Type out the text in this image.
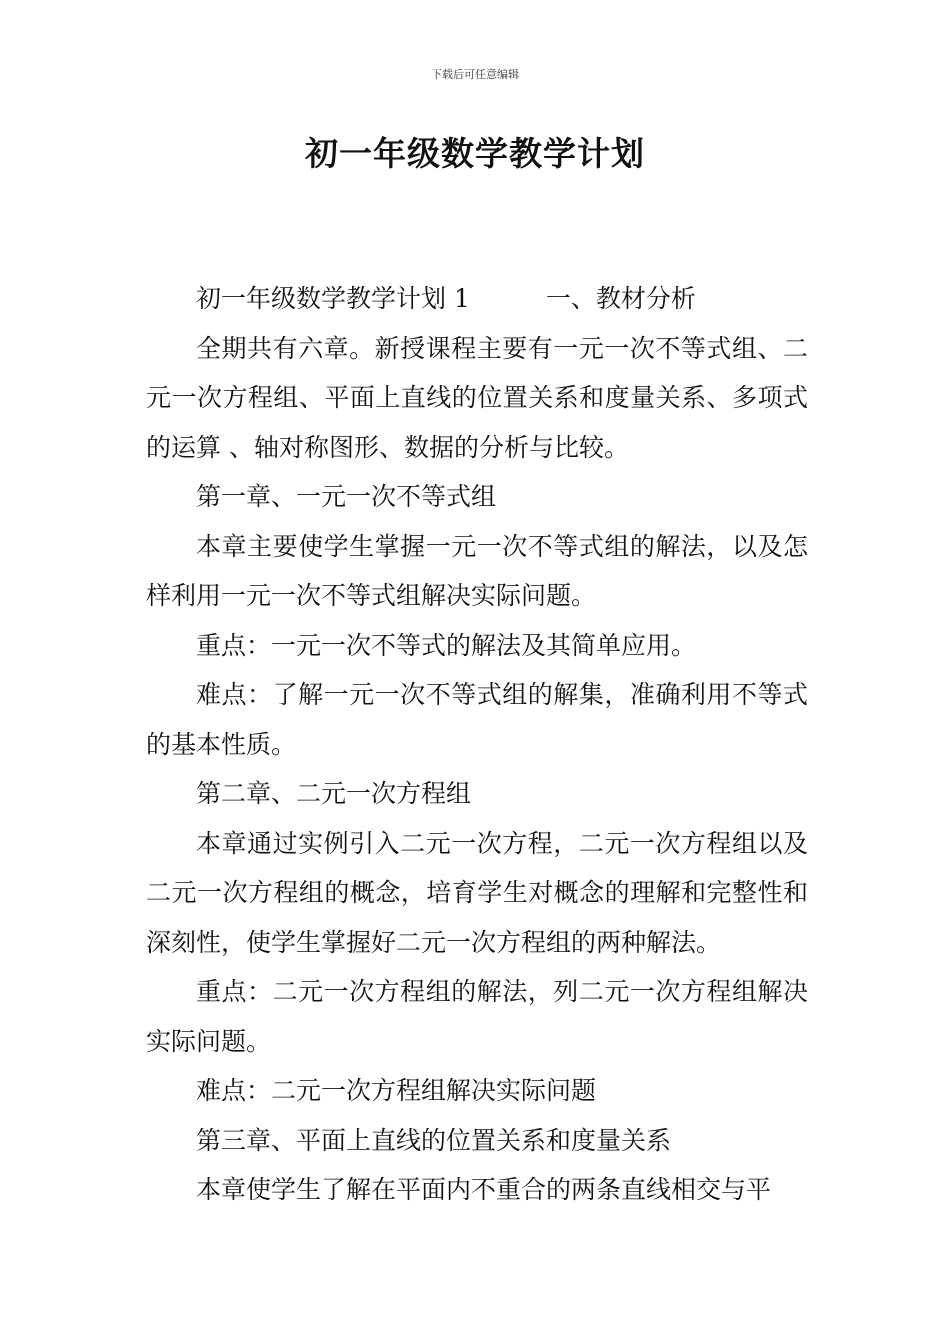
下载后可任意编辑
初一年级数学教学计划

初一年级数学教学计划 1	一、教材分析

全期共有六章。新授课程主要有一元一次不等式组、二元一次方程组、平面上直线的位置关系和度量关系、多项式的运算 、轴对称图形、数据的分析与比较。

第一章、一元一次不等式组

本章主要使学生掌握一元一次不等式组的解法，以及怎样利用一元一次不等式组解决实际问题。

重点：一元一次不等式的解法及其简单应用。

难点：了解一元一次不等式组的解集，准确利用不等式的基本性质。

第二章、二元一次方程组

本章通过实例引入二元一次方程，二元一次方程组以及二元一次方程组的概念，培育学生对概念的理解和完整性和深刻性，使学生掌握好二元一次方程组的两种解法。

重点：二元一次方程组的解法，列二元一次方程组解决实际问题。

难点：二元一次方程组解决实际问题

第三章、平面上直线的位置关系和度量关系

本章使学生了解在平面内不重合的两条直线相交与平
